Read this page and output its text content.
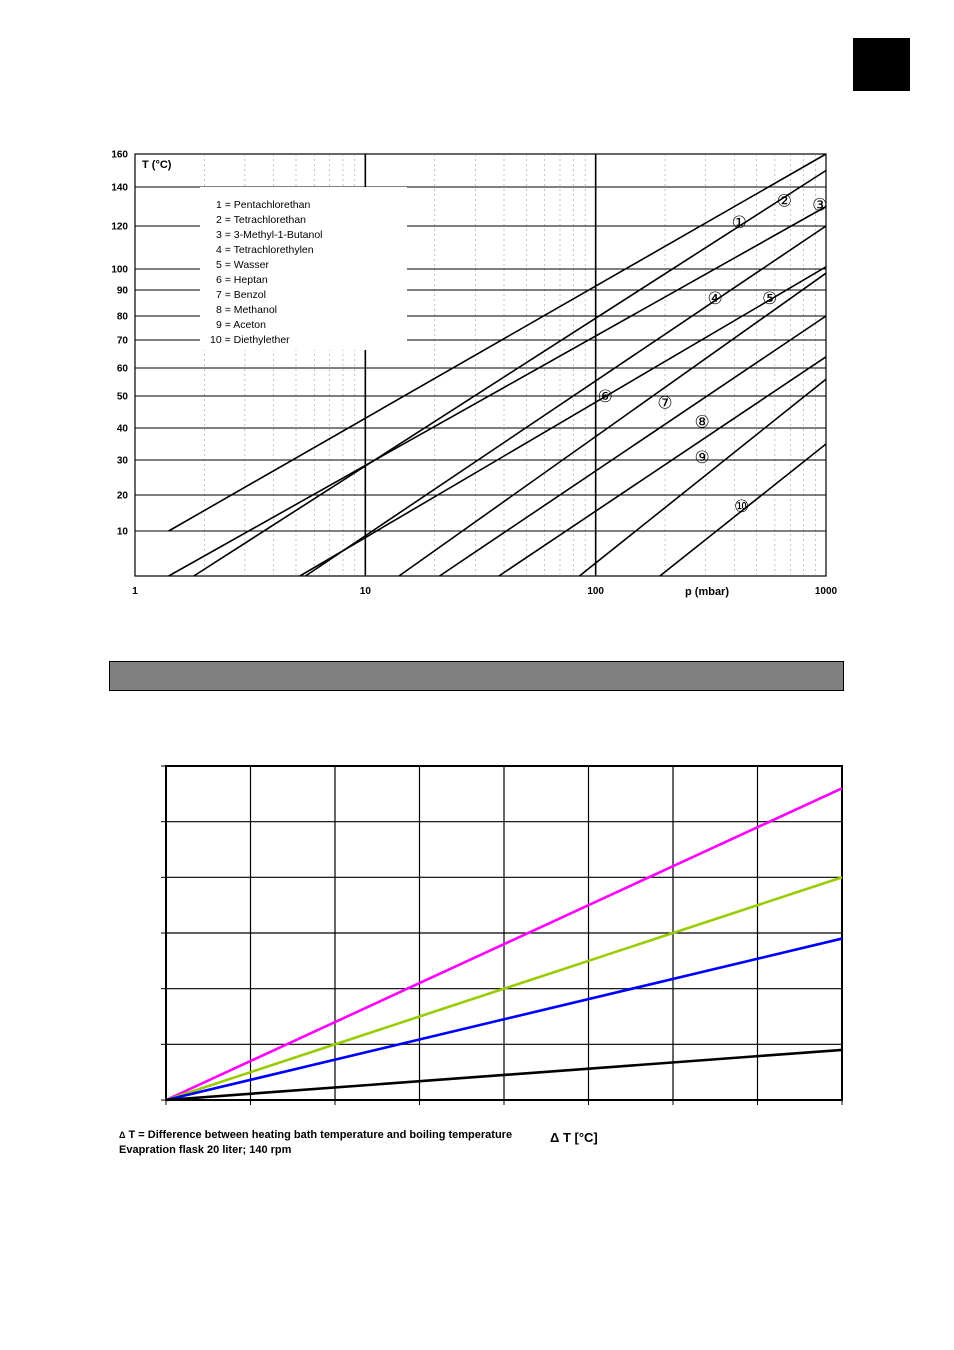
①
② ③
④ ⑤
⑥	⑦
⑧
⑨
⑩
10
20
30
40
50
60
70
80
90
100
120
140
160
1	10	100	1000
1 = Pentachlorethan
2 = Tetrachlorethan
3 = 3-Methyl-1-Butanol
4 = Tetrachlorethylen
5 = Wasser
6 = Heptan
7 = Benzol
8 = Methanol
9 = Aceton
10 = Diethylether
T (°C)
p (mbar)
Δ T = Difference between heating bath temperature and boiling temperature
Evapration flask 20 liter; 140 rpm
Δ T [°C]
